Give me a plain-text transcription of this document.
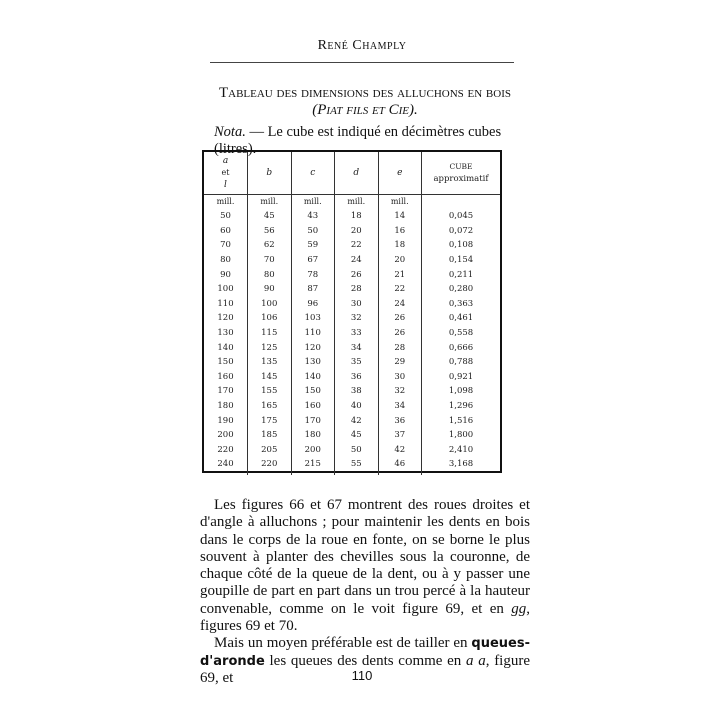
René Champly
Tableau des dimensions des alluchons en bois
(Piat fils et Cie).
Nota. — Le cube est indiqué en décimètres cubes (litres).
a
et
l	b	c	d	e	CUBE
approximatif
mill.	mill.	mill.	mill.	mill.	
50	45	43	18	14	0,045
60	56	50	20	16	0,072
70	62	59	22	18	0,108
80	70	67	24	20	0,154
90	80	78	26	21	0,211
100	90	87	28	22	0,280
110	100	96	30	24	0,363
120	106	103	32	26	0,461
130	115	110	33	26	0,558
140	125	120	34	28	0,666
150	135	130	35	29	0,788
160	145	140	36	30	0,921
170	155	150	38	32	1,098
180	165	160	40	34	1,296
190	175	170	42	36	1,516
200	185	180	45	37	1,800
220	205	200	50	42	2,410
240	220	215	55	46	3,168

Les figures 66 et 67 montrent des roues droites et d'angle à alluchons ; pour maintenir les dents en bois dans le corps de la roue en fonte, on se borne le plus souvent à planter des chevilles sous la couronne, de chaque côté de la queue de la dent, ou à y passer une goupille de part en part dans un trou percé à la hauteur convenable, comme on le voit figure 69, et en gg, figures 69 et 70.

Mais un moyen préférable est de tailler en queues-d'aronde les queues des dents comme en a a, figure 69, et	110
